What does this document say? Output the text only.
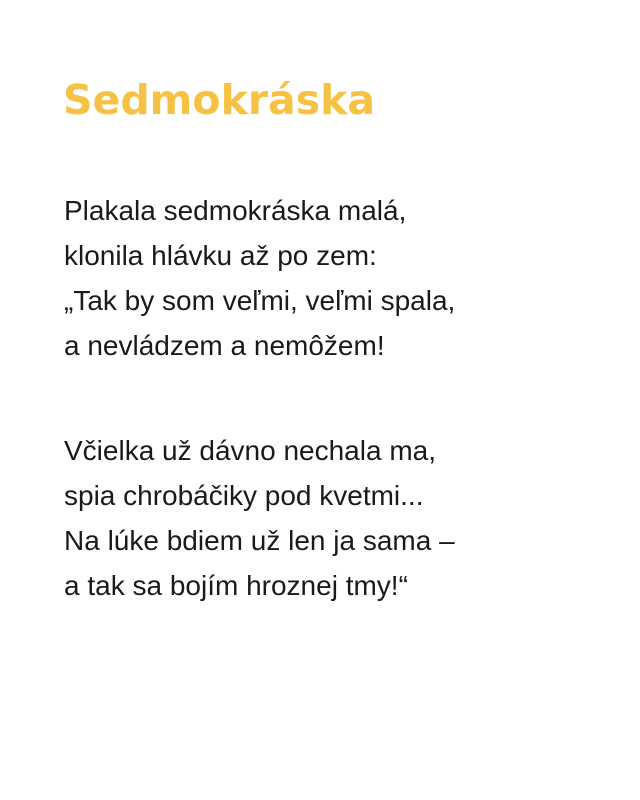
Sedmokráska
Plakala sedmokráska malá,
klonila hlávku až po zem:
„Tak by som veľmi, veľmi spala,
a nevládzem a nemôžem!
Včielka už dávno nechala ma,
spia chrobáčiky pod kvetmi...
Na lúke bdiem už len ja sama –
a tak sa bojím hroznej tmy!“
